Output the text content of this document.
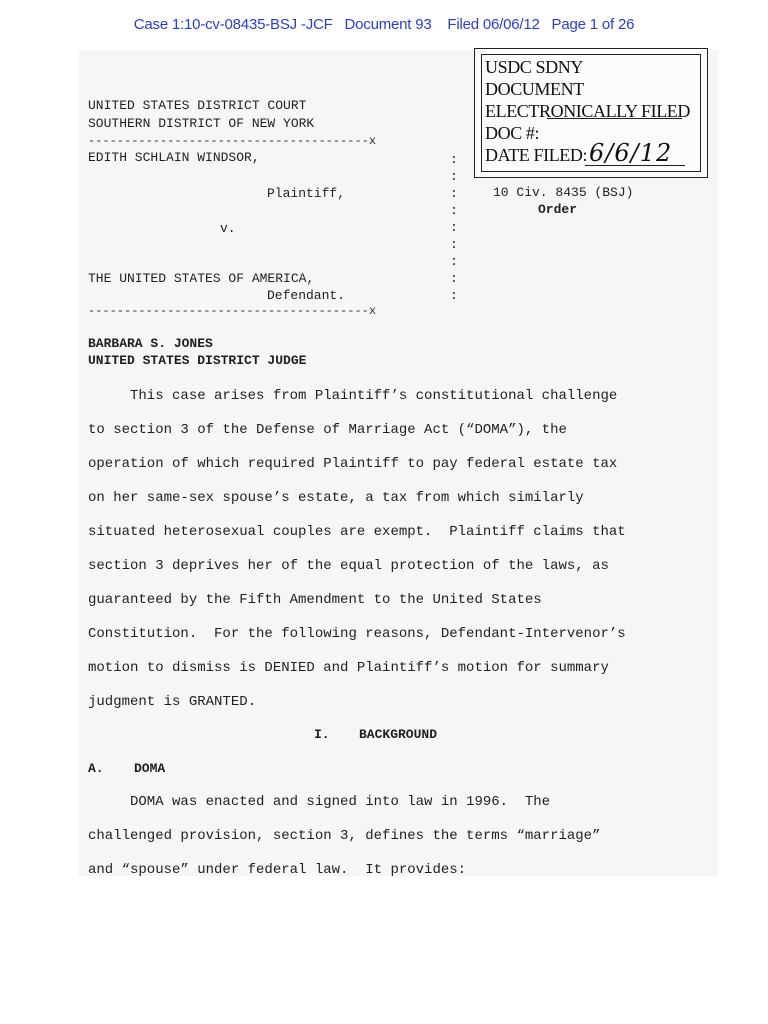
Case 1:10-cv-08435-BSJ -JCF   Document 93    Filed 06/06/12   Page 1 of 26
USDC SDNY
DOCUMENT
ELECTRONICALLY FILED
DOC #:
DATE FILED: 6/6/12
UNITED STATES DISTRICT COURT
SOUTHERN DISTRICT OF NEW YORK
---------------------------------------x
EDITH SCHLAIN WINDSOR,
Plaintiff,
v.
THE UNITED STATES OF AMERICA,
Defendant.
---------------------------------------x
:
:
:
:
:
:
:
:
:
10 Civ. 8435 (BSJ)
Order
BARBARA S. JONES
UNITED STATES DISTRICT JUDGE
This case arises from Plaintiff’s constitutional challenge
to section 3 of the Defense of Marriage Act (“DOMA”), the
operation of which required Plaintiff to pay federal estate tax
on her same-sex spouse’s estate, a tax from which similarly
situated heterosexual couples are exempt.  Plaintiff claims that
section 3 deprives her of the equal protection of the laws, as
guaranteed by the Fifth Amendment to the United States
Constitution.  For the following reasons, Defendant-Intervenor’s
motion to dismiss is DENIED and Plaintiff’s motion for summary
judgment is GRANTED.
I. BACKGROUND
A. DOMA
DOMA was enacted and signed into law in 1996.  The
challenged provision, section 3, defines the terms “marriage”
and “spouse” under federal law.  It provides:
